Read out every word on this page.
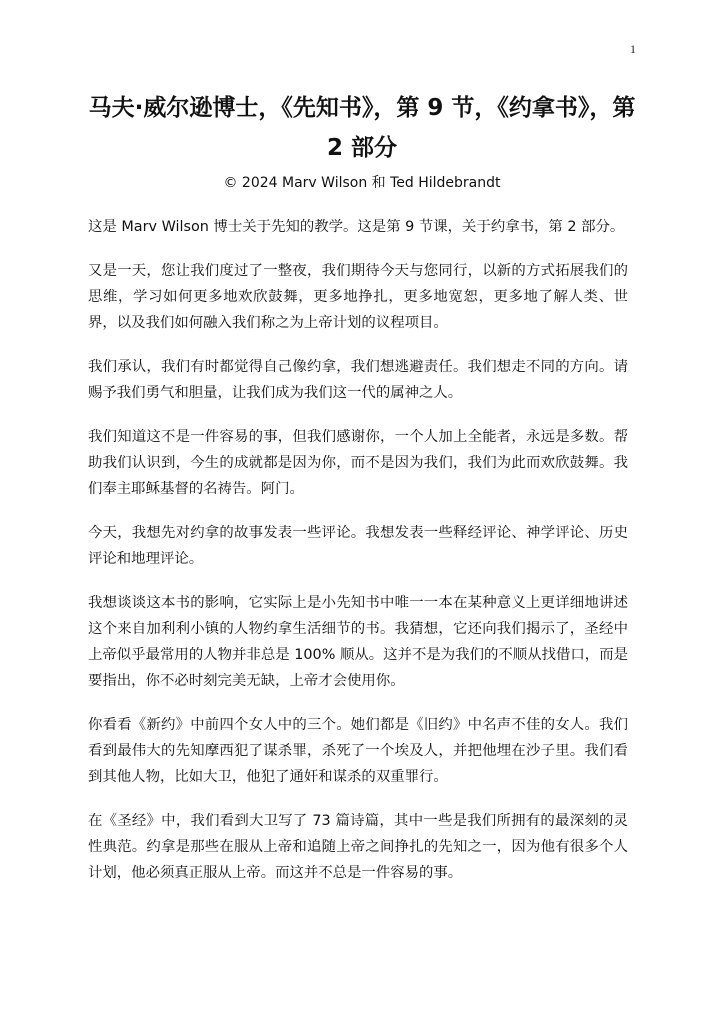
1
马夫·威尔逊博士，《先知书》，第 9 节，《约拿书》，第 2 部分
© 2024 Marv Wilson 和 Ted Hildebrandt

这是 Marv Wilson 博士关于先知的教学。这是第 9 节课，关于约拿书，第 2 部分。

又是一天，您让我们度过了一整夜，我们期待今天与您同行，以新的方式拓展我们的思维，学习如何更多地欢欣鼓舞，更多地挣扎，更多地宽恕，更多地了解人类、世界，以及我们如何融入我们称之为上帝计划的议程项目。

我们承认，我们有时都觉得自己像约拿，我们想逃避责任。我们想走不同的方向。请赐予我们勇气和胆量，让我们成为我们这一代的属神之人。

我们知道这不是一件容易的事，但我们感谢你，一个人加上全能者，永远是多数。帮助我们认识到，今生的成就都是因为你，而不是因为我们，我们为此而欢欣鼓舞。我们奉主耶稣基督的名祷告。阿门。

今天，我想先对约拿的故事发表一些评论。我想发表一些释经评论、神学评论、历史评论和地理评论。

我想谈谈这本书的影响，它实际上是小先知书中唯一一本在某种意义上更详细地讲述这个来自加利利小镇的人物约拿生活细节的书。我猜想，它还向我们揭示了，圣经中上帝似乎最常用的人物并非总是 100% 顺从。这并不是为我们的不顺从找借口，而是要指出，你不必时刻完美无缺，上帝才会使用你。

你看看《新约》中前四个女人中的三个。她们都是《旧约》中名声不佳的女人。我们看到最伟大的先知摩西犯了谋杀罪，杀死了一个埃及人，并把他埋在沙子里。我们看到其他人物，比如大卫，他犯了通奸和谋杀的双重罪行。

在《圣经》中，我们看到大卫写了 73 篇诗篇，其中一些是我们所拥有的最深刻的灵性典范。约拿是那些在服从上帝和追随上帝之间挣扎的先知之一，因为他有很多个人计划，他必须真正服从上帝。而这并不总是一件容易的事。
